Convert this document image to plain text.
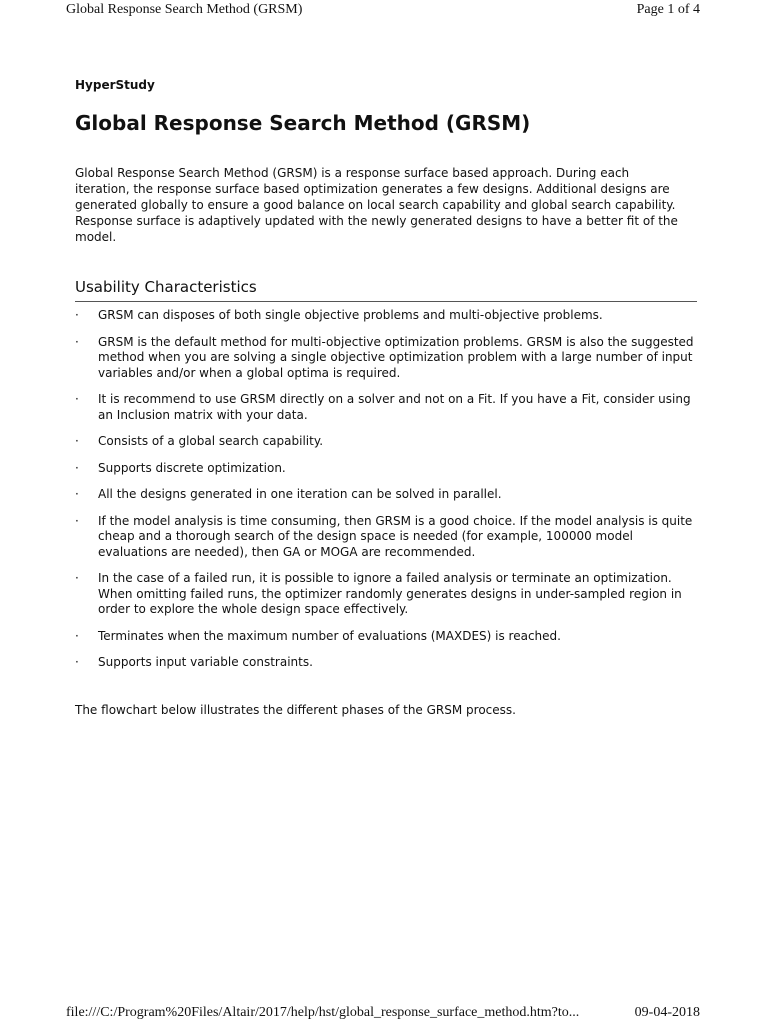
Global Response Search Method (GRSM)	Page 1 of 4
HyperStudy
Global Response Search Method (GRSM)

Global Response Search Method (GRSM) is a response surface based approach. During each iteration, the response surface based optimization generates a few designs. Additional designs are generated globally to ensure a good balance on local search capability and global search capability. Response surface is adaptively updated with the newly generated designs to have a better fit of the model.

Usability Characteristics
· GRSM can disposes of both single objective problems and multi-objective problems.
· GRSM is the default method for multi-objective optimization problems. GRSM is also the suggested method when you are solving a single objective optimization problem with a large number of input variables and/or when a global optima is required.
· It is recommend to use GRSM directly on a solver and not on a Fit. If you have a Fit, consider using an Inclusion matrix with your data.
· Consists of a global search capability.
· Supports discrete optimization.
· All the designs generated in one iteration can be solved in parallel.
· If the model analysis is time consuming, then GRSM is a good choice. If the model analysis is quite cheap and a thorough search of the design space is needed (for example, 100000 model evaluations are needed), then GA or MOGA are recommended.
· In the case of a failed run, it is possible to ignore a failed analysis or terminate an optimization. When omitting failed runs, the optimizer randomly generates designs in under-sampled region in order to explore the whole design space effectively.
· Terminates when the maximum number of evaluations (MAXDES) is reached.
· Supports input variable constraints.

The flowchart below illustrates the different phases of the GRSM process.

file:///C:/Program%20Files/Altair/2017/help/hst/global_response_surface_method.htm?to...	09-04-2018
